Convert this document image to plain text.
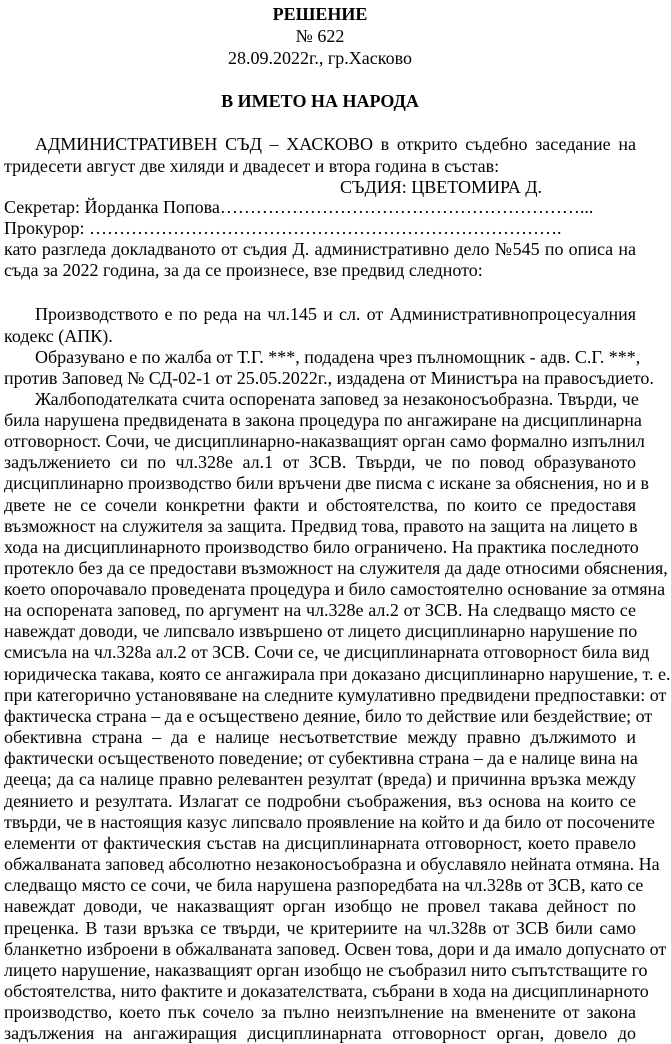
РЕШЕНИЕ
№ 622
28.09.2022г., гр.Хасково
В ИМЕТО НА НАРОДА
АДМИНИСТРАТИВЕН СЪД – ХАСКОВО в открито съдебно заседание на
тридесети август две хиляди и двадесет и втора година в състав:
СЪДИЯ: ЦВЕТОМИРА Д.
Секретар: Йорданка Попова……………………………………………………...
Прокурор: …………………………………………………………………….
като разгледа докладваното от съдия Д. административно дело №545 по описа на
съда за 2022 година, за да се произнесе, взе предвид следното:
Производството е по реда на чл.145 и сл. от Административнопроцесуалния
кодекс (АПК).
Образувано е по жалба от Т.Г. ***, подадена чрез пълномощник - адв. С.Г. ***,
против Заповед № СД-02-1 от 25.05.2022г., издадена от Министъра на правосъдието.
Жалбоподателката счита оспорената заповед за незаконосъобразна. Твърди, че
била нарушена предвидената в закона процедура по ангажиране на дисциплинарна
отговорност. Сочи, че дисциплинарно-наказващият орган само формално изпълнил
задължението си по чл.328е ал.1 от ЗСВ. Твърди, че по повод образуваното
дисциплинарно производство били връчени две писма с искане за обяснения, но и в
двете не се сочели конкретни факти и обстоятелства, по които се предоставя
възможност на служителя за защита. Предвид това, правото на защита на лицето в
хода на дисциплинарното производство било ограничено. На практика последното
протекло без да се предостави възможност на служителя да даде относими обяснения,
което опорочавало проведената процедура и било самостоятелно основание за отмяна
на оспорената заповед, по аргумент на чл.328е ал.2 от ЗСВ. На следващо място се
навеждат доводи, че липсвало извършено от лицето дисциплинарно нарушение по
смисъла на чл.328а ал.2 от ЗСВ. Сочи се, че дисциплинарната отговорност била вид
юридическа такава, която се ангажирала при доказано дисциплинарно нарушение, т. е.
при категорично установяване на следните кумулативно предвидени предпоставки: от
фактическа страна – да е осъществено деяние, било то действие или бездействие; от
обективна страна – да е налице несъответствие между правно дължимото и
фактически осъщественото поведение; от субективна страна – да е налице вина на
дееца; да са налице правно релевантен резултат (вреда) и причинна връзка между
деянието и резултата. Излагат се подробни съображения, въз основа на които се
твърди, че в настоящия казус липсвало проявление на който и да било от посочените
елементи от фактическия състав на дисциплинарната отговорност, което правело
обжалваната заповед абсолютно незаконосъобразна и обуславяло нейната отмяна. На
следващо място се сочи, че била нарушена разпоредбата на чл.328в от ЗСВ, като се
навеждат доводи, че наказващият орган изобщо не провел такава дейност по
преценка. В тази връзка се твърди, че критериите на чл.328в от ЗСВ били само
бланкетно изброени в обжалваната заповед. Освен това, дори и да имало допуснато от
лицето нарушение, наказващият орган изобщо не съобразил нито съпътстващите го
обстоятелства, нито фактите и доказателствата, събрани в хода на дисциплинарното
производство, което пък сочело за пълно неизпълнение на вменените от закона
задължения на ангажиращия дисциплинарната отговорност орган, довело до
